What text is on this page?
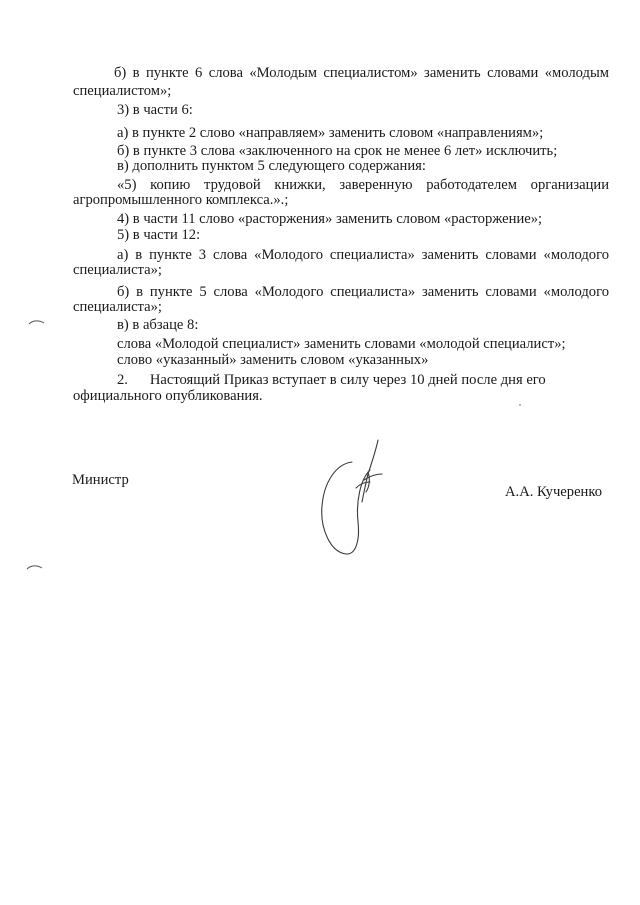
б) в пункте 6 слова «Молодым специалистом» заменить словами «молодым
специалистом»;
3) в части 6:
а) в пункте 2 слово «направляем» заменить словом «направлениям»;
б) в пункте 3 слова «заключенного на срок не менее 6 лет» исключить;
в) дополнить пунктом 5 следующего содержания:
«5) копию трудовой книжки, заверенную работодателем организации
агропромышленного комплекса.».;
4) в части 11 слово «расторжения» заменить словом «расторжение»;
5) в части 12:
а) в пункте 3 слова «Молодого специалиста» заменить словами «молодого
специалиста»;
б) в пункте 5 слова «Молодого специалиста» заменить словами «молодого
специалиста»;
в) в абзаце 8:
слова «Молодой специалист» заменить словами «молодой специалист»;
слово «указанный» заменить словом «указанных»
2.      Настоящий Приказ вступает в силу через 10 дней после дня его
официального опубликования.
Министр
А.А. Кучеренко
